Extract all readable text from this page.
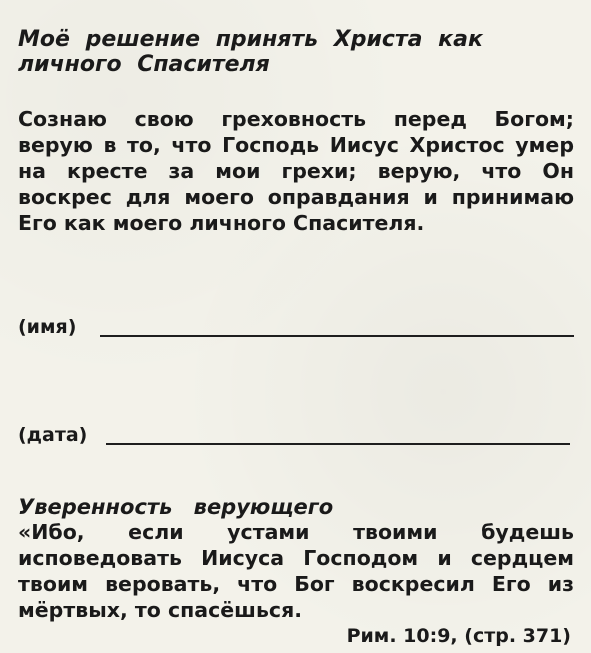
Моё решение принять Христа как личного Спасителя

Сознаю свою греховность перед Богом; верую в то, что Господь Иисус Христос умер на кресте за мои грехи; верую, что Он воскрес для моего оправдания и принимаю Его как моего личного Спасителя.

(имя)
(дата)
Уверенность верующего

«Ибо, если устами твоими будешь исповедовать Иисуса Господом и сердцем твоим веровать, что Бог воскресил Его из мёртвых, то спасёшься.

Рим. 10:9, (стр. 371)
